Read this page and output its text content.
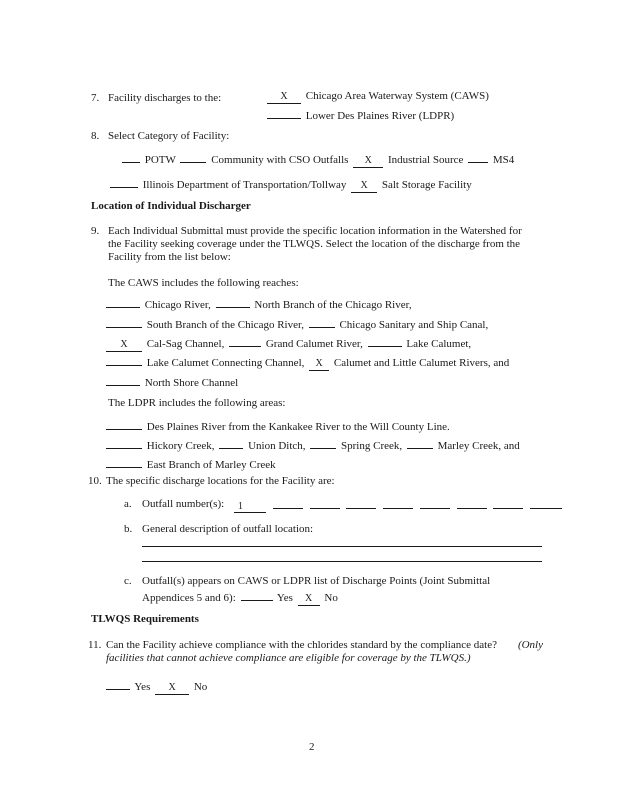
7. Facility discharges to the:	X Chicago Area Waterway System (CAWS)
Lower Des Plaines River (LDPR)
8. Select Category of Facility:
POTW	Community with CSO Outfalls X Industrial Source	MS4
Illinois Department of Transportation/Tollway X Salt Storage Facility
Location of Individual Discharger
9. Each Individual Submittal must provide the specific location information in the Watershed for
the Facility seeking coverage under the TLWQS. Select the location of the discharge from the
Facility from the list below:
The CAWS includes the following reaches:
Chicago River,	North Branch of the Chicago River,
South Branch of the Chicago River,	Chicago Sanitary and Ship Canal,
X Cal-Sag Channel,	Grand Calumet River,	Lake Calumet,
Lake Calumet Connecting Channel, X Calumet and Little Calumet Rivers, and
North Shore Channel
The LDPR includes the following areas:
Des Plaines River from the Kankakee River to the Will County Line.
Hickory Creek,	Union Ditch,	Spring Creek,	Marley Creek, and
East Branch of Marley Creek
10. The specific discharge locations for the Facility are:
a. Outfall number(s):	1
b. General description of outfall location:
c. Outfall(s) appears on CAWS or LDPR list of Discharge Points (Joint Submittal
Appendices 5 and 6):	Yes X No
TLWQS Requirements
11. Can the Facility achieve compliance with the chlorides standard by the compliance date? (Only
facilities that cannot achieve compliance are eligible for coverage by the TLWQS.)
Yes X No
2
